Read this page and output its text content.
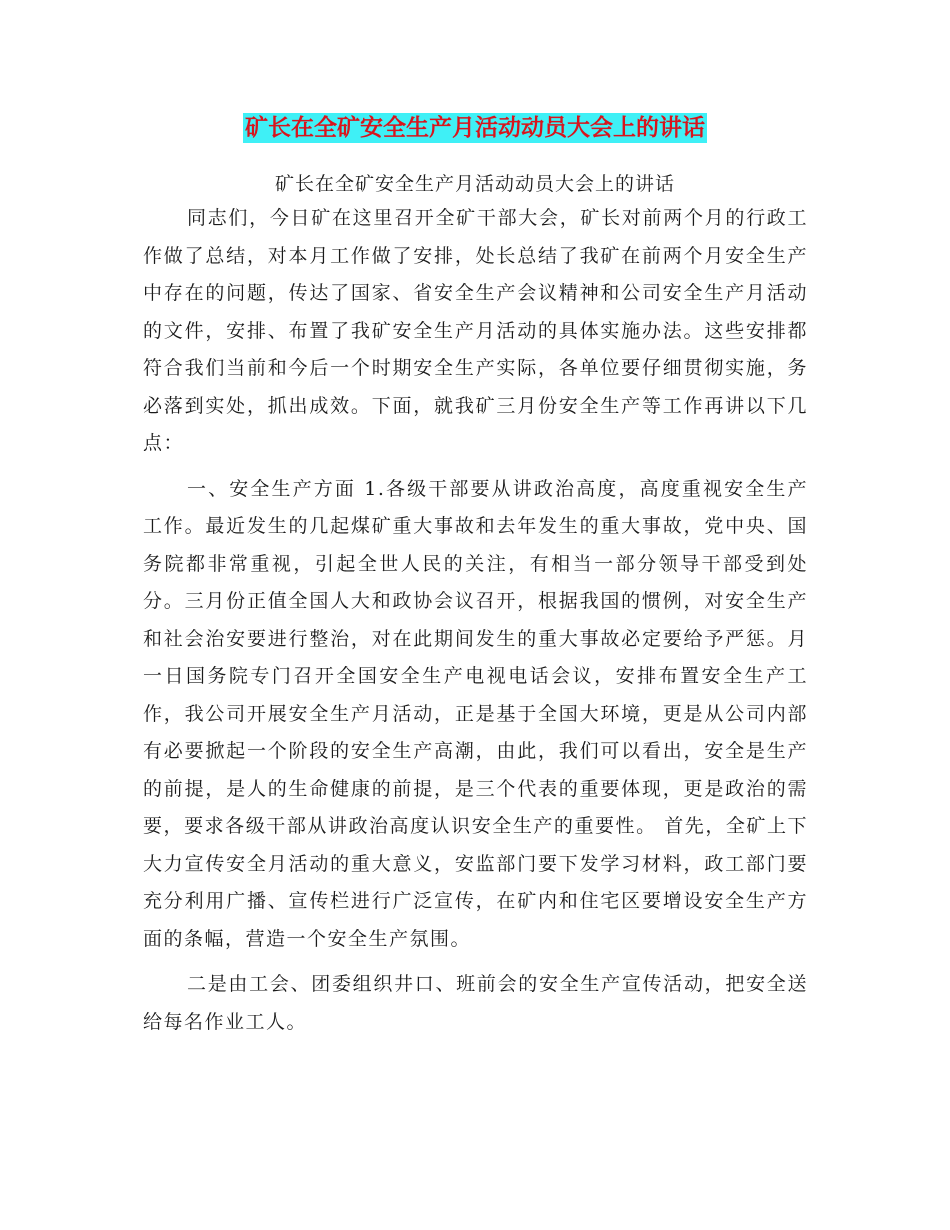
矿长在全矿安全生产月活动动员大会上的讲话
矿长在全矿安全生产月活动动员大会上的讲话

同志们，今日矿在这里召开全矿干部大会，矿长对前两个月的行政工作做了总结，对本月工作做了安排，处长总结了我矿在前两个月安全生产中存在的问题，传达了国家、省安全生产会议精神和公司安全生产月活动的文件，安排、布置了我矿安全生产月活动的具体实施办法。这些安排都符合我们当前和今后一个时期安全生产实际，各单位要仔细贯彻实施，务必落到实处，抓出成效。下面，就我矿三月份安全生产等工作再讲以下几点：

一、安全生产方面 1.各级干部要从讲政治高度，高度重视安全生产工作。最近发生的几起煤矿重大事故和去年发生的重大事故，党中央、国务院都非常重视，引起全世人民的关注，有相当一部分领导干部受到处分。三月份正值全国人大和政协会议召开，根据我国的惯例，对安全生产和社会治安要进行整治，对在此期间发生的重大事故必定要给予严惩。月一日国务院专门召开全国安全生产电视电话会议，安排布置安全生产工作，我公司开展安全生产月活动，正是基于全国大环境，更是从公司内部有必要掀起一个阶段的安全生产高潮，由此，我们可以看出，安全是生产的前提，是人的生命健康的前提，是三个代表的重要体现，更是政治的需要，要求各级干部从讲政治高度认识安全生产的重要性。 首先，全矿上下大力宣传安全月活动的重大意义，安监部门要下发学习材料，政工部门要充分利用广播、宣传栏进行广泛宣传，在矿内和住宅区要增设安全生产方面的条幅，营造一个安全生产氛围。

二是由工会、团委组织井口、班前会的安全生产宣传活动，把安全送给每名作业工人。
